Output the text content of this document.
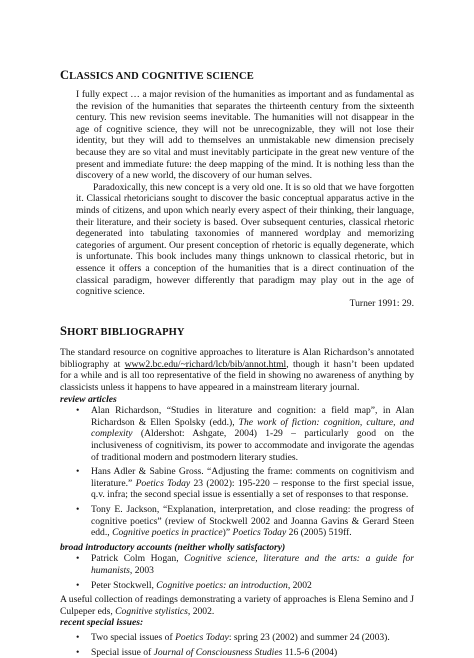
CLASSICS AND COGNITIVE SCIENCE

I fully expect … a major revision of the humanities as important and as fundamental as the revision of the humanities that separates the thirteenth century from the sixteenth century. This new revision seems inevitable. The humanities will not disappear in the age of cognitive science, they will not be unrecognizable, they will not lose their identity, but they will add to themselves an unmistakable new dimension precisely because they are so vital and must inevitably participate in the great new venture of the present and immediate future: the deep mapping of the mind. It is nothing less than the discovery of a new world, the discovery of our human selves.

Paradoxically, this new concept is a very old one. It is so old that we have forgotten it. Classical rhetoricians sought to discover the basic conceptual apparatus active in the minds of citizens, and upon which nearly every aspect of their thinking, their language, their literature, and their society is based. Over subsequent centuries, classical rhetoric degenerated into tabulating taxonomies of mannered wordplay and memorizing categories of argument. Our present conception of rhetoric is equally degenerate, which is unfortunate. This book includes many things unknown to classical rhetoric, but in essence it offers a conception of the humanities that is a direct continuation of the classical paradigm, however differently that paradigm may play out in the age of cognitive science.

Turner 1991: 29.

SHORT BIBLIOGRAPHY

The standard resource on cognitive approaches to literature is Alan Richardson’s annotated bibliography at www2.bc.edu/~richard/lcb/bib/annot.html, though it hasn’t been updated for a while and is all too representative of the field in showing no awareness of anything by classicists unless it happens to have appeared in a mainstream literary journal.

review articles

• Alan Richardson, “Studies in literature and cognition: a field map”, in Alan Richardson & Ellen Spolsky (edd.), The work of fiction: cognition, culture, and complexity (Aldershot: Ashgate, 2004) 1-29 – particularly good on the inclusiveness of cognitivism, its power to accommodate and invigorate the agendas of traditional modern and postmodern literary studies.
• Hans Adler & Sabine Gross. “Adjusting the frame: comments on cognitivism and literature.” Poetics Today 23 (2002): 195-220 – response to the first special issue, q.v. infra; the second special issue is essentially a set of responses to that response.
• Tony E. Jackson, “Explanation, interpretation, and close reading: the progress of cognitive poetics” (review of Stockwell 2002 and Joanna Gavins & Gerard Steen edd., Cognitive poetics in practice)” Poetics Today 26 (2005) 519ff.

broad introductory accounts (neither wholly satisfactory)

• Patrick Colm Hogan, Cognitive science, literature and the arts: a guide for humanists, 2003
• Peter Stockwell, Cognitive poetics: an introduction, 2002

A useful collection of readings demonstrating a variety of approaches is Elena Semino and J Culpeper eds, Cognitive stylistics, 2002.

recent special issues:

• Two special issues of Poetics Today: spring 23 (2002) and summer 24 (2003).
• Special issue of Journal of Consciousness Studies 11.5-6 (2004)
